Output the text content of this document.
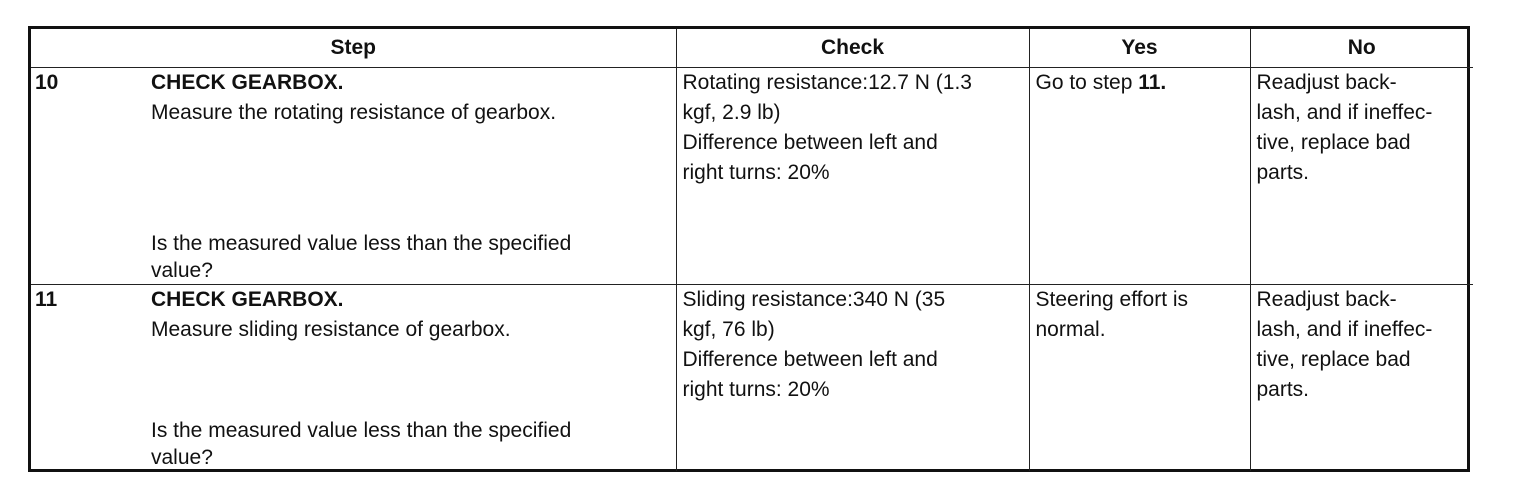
Step	Check	Yes	No

10 CHECK GEARBOX.
Measure the rotating resistance of gearbox.
Is the measured value less than the specified
value?	Rotating resistance:12.7 N (1.3
kgf, 2.9 lb)
Difference between left and
right turns: 20%	Go to step 11.	Readjust back-
lash, and if ineffec-
tive, replace bad
parts.

11 CHECK GEARBOX.
Measure sliding resistance of gearbox.
Is the measured value less than the specified
value?	Sliding resistance:340 N (35
kgf, 76 lb)
Difference between left and
right turns: 20%	Steering effort is
normal.	Readjust back-
lash, and if ineffec-
tive, replace bad
parts.
